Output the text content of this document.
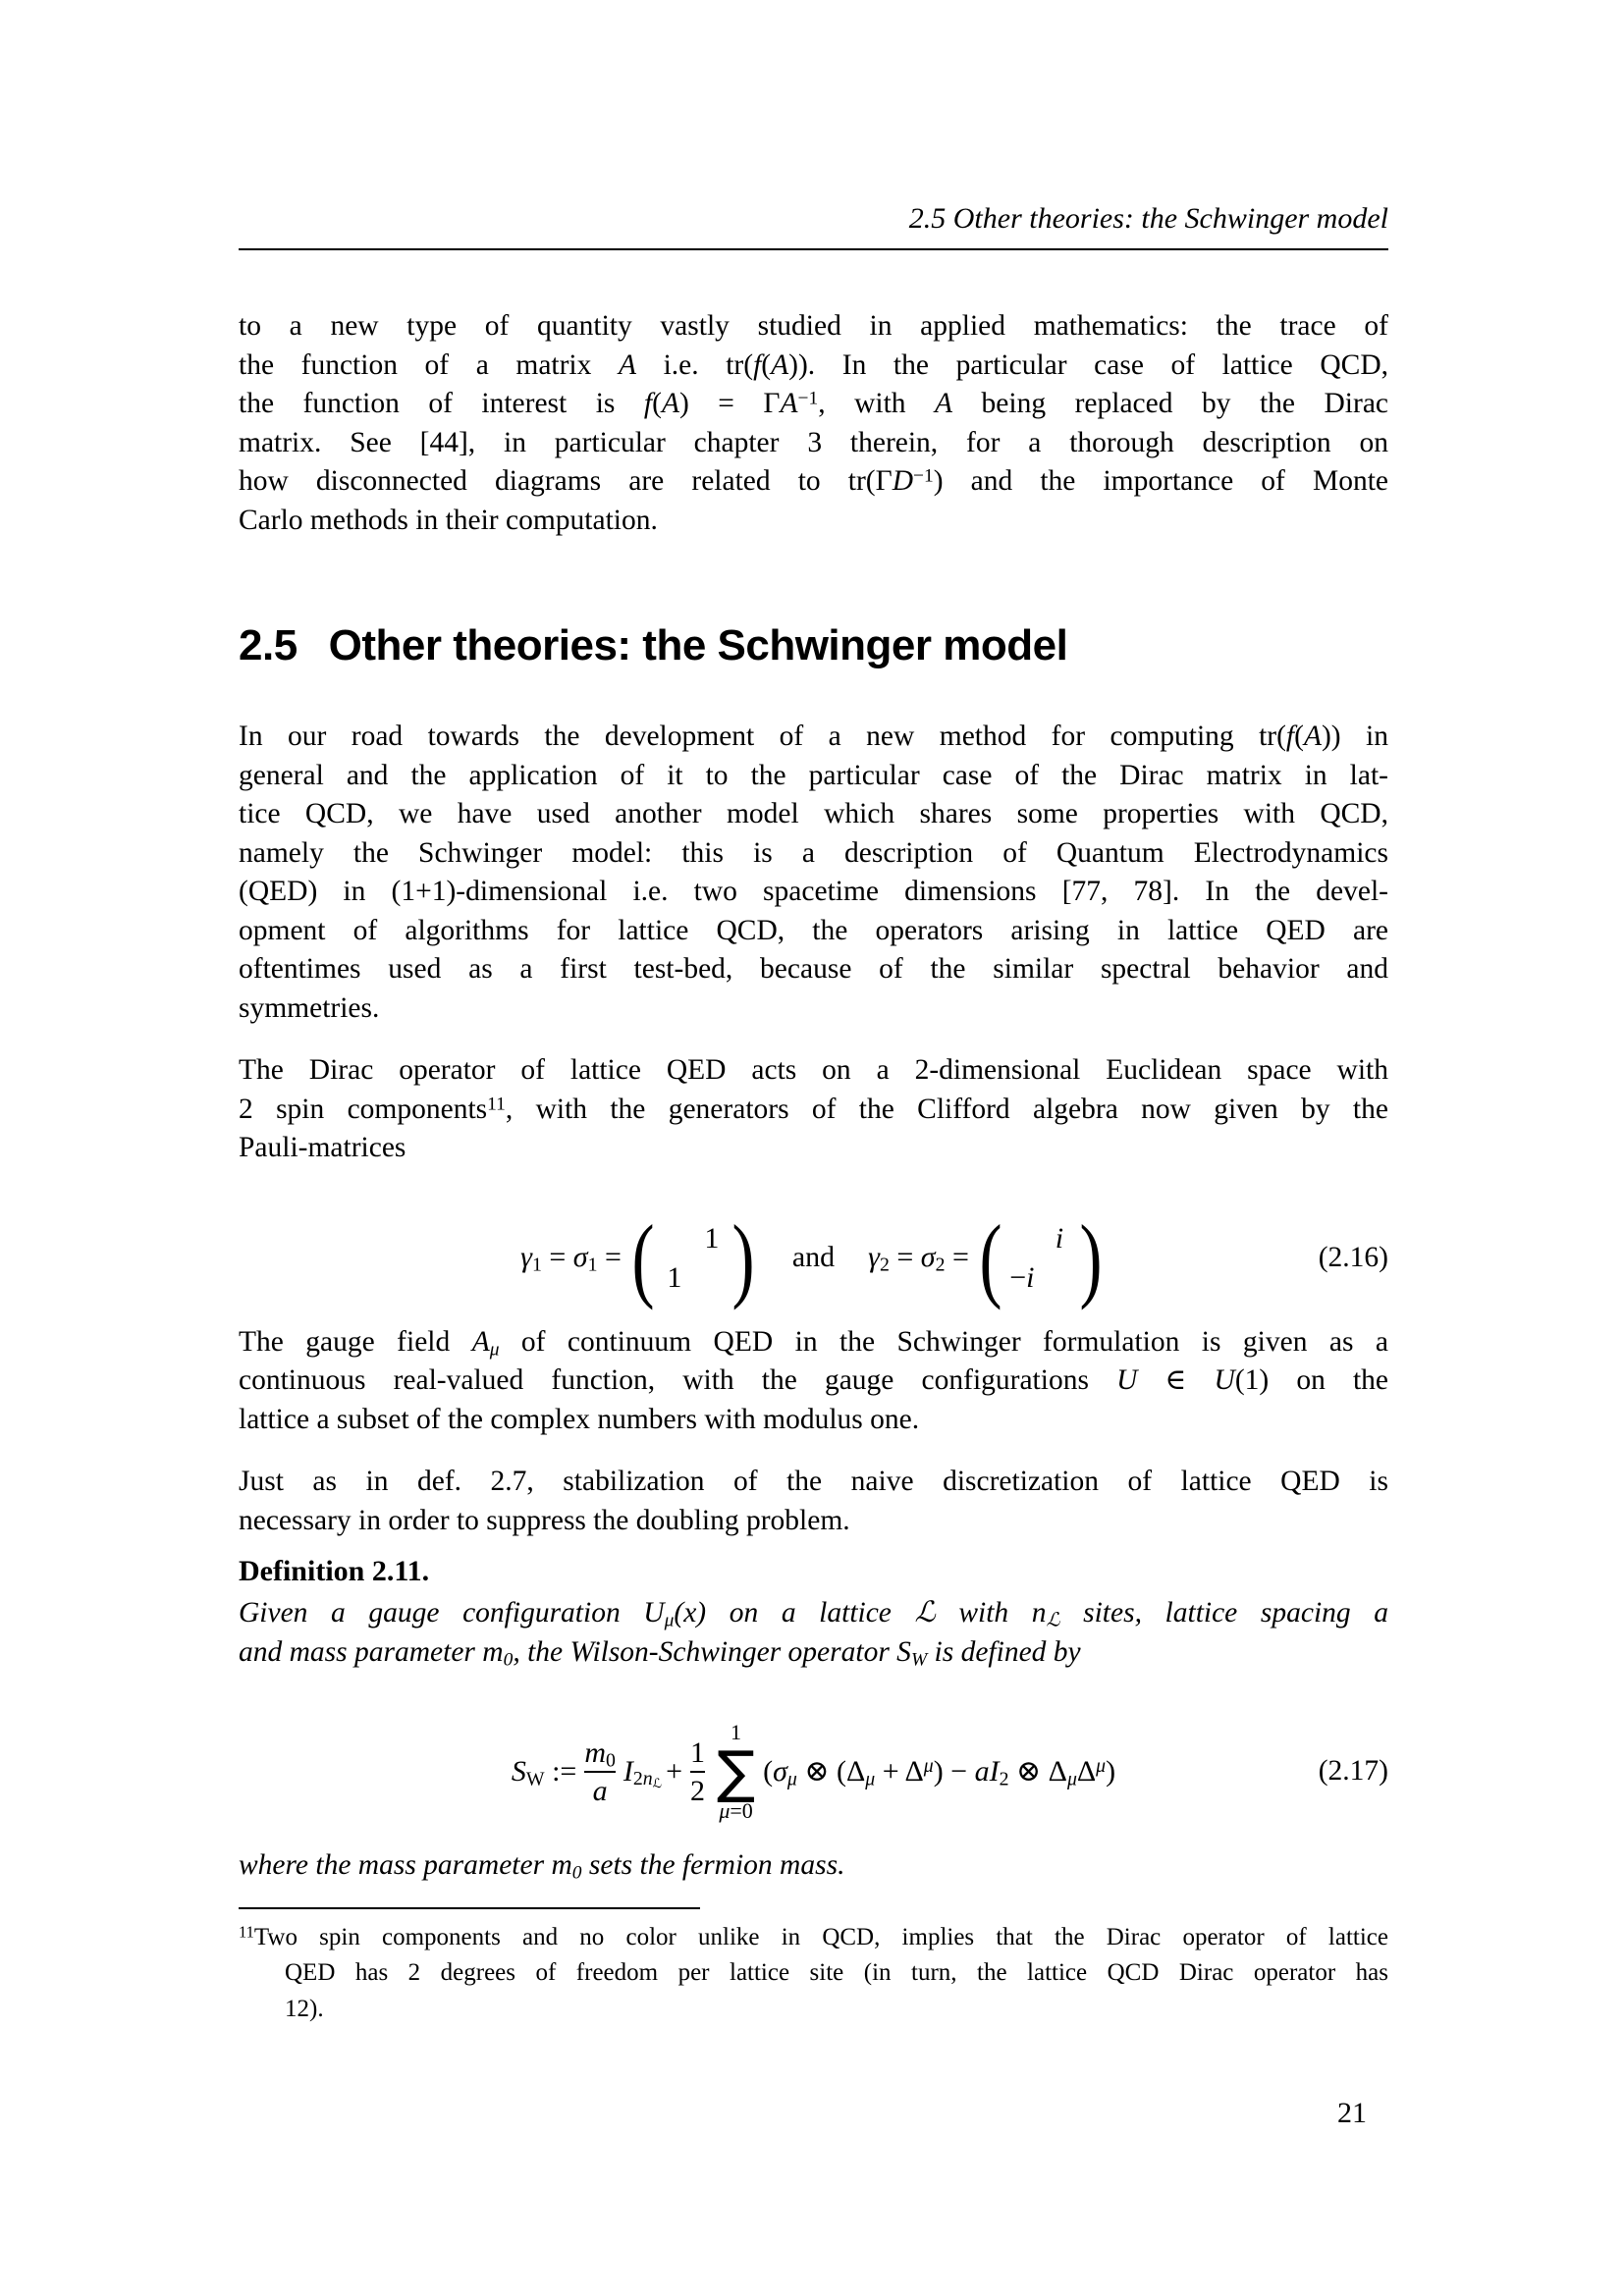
2.5 Other theories: the Schwinger model
to a new type of quantity vastly studied in applied mathematics: the trace of
the function of a matrix A i.e. tr(f(A)). In the particular case of lattice QCD,
the function of interest is $f(A) = \Gamma A^{-1}$, with A being replaced by the Dirac
matrix. See [44], in particular chapter 3 therein, for a thorough description on
how disconnected diagrams are related to $tr(\Gamma D^{-1})$ and the importance of Monte
Carlo methods in their computation.
2.5 Other theories: the Schwinger model
In our road towards the development of a new method for computing tr(f(A)) in
general and the application of it to the particular case of the Dirac matrix in lat-
tice QCD, we have used another model which shares some properties with QCD,
namely the Schwinger model: this is a description of Quantum Electrodynamics
(QED) in (1+1)-dimensional i.e. two spacetime dimensions [77, 78]. In the devel-
opment of algorithms for lattice QCD, the operators arising in lattice QED are
oftentimes used as a first test-bed, because of the similar spectral behavior and
symmetries.
The Dirac operator of lattice QED acts on a 2-dimensional Euclidean space with
2 spin components$^{11}$, with the generators of the Clifford algebra now given by the
Pauli-matrices
$\gamma_1 = \sigma_1$ = ( 1
1 ) and $\gamma_2 = \sigma_2$ = (	i
−i )	(2.16)
The gauge field $A_\mu$ of continuum QED in the Schwinger formulation is given as a
continuous real-valued function, with the gauge configurations U ∈ U(1) on the
lattice a subset of the complex numbers with modulus one.
Just as in def. 2.7, stabilization of the naive discretization of lattice QED is
necessary in order to suppress the doubling problem.
Definition 2.11.
Given a gauge configuration $U_\mu(x)$ on a lattice ℒ with $n_ℒ$ sites, lattice spacing a
and mass parameter $m_0$, the Wilson-Schwinger operator $S_W$ is defined by
$S_W$ := $\frac{m_0}{a} I_{2n_ℒ} + \frac{1}{2}$
1
∑
μ=0
($\sigma_\mu$ ⊗ $(\Delta_\mu + \Delta^\mu) - aI_2$ ⊗ $\Delta_\mu\Delta^\mu$)	(2.17)
where the mass parameter $m_0$ sets the fermion mass.
$^{11}$Two spin components and no color unlike in QCD, implies that the Dirac operator of lattice
QED has 2 degrees of freedom per lattice site (in turn, the lattice QCD Dirac operator has
12).
21
